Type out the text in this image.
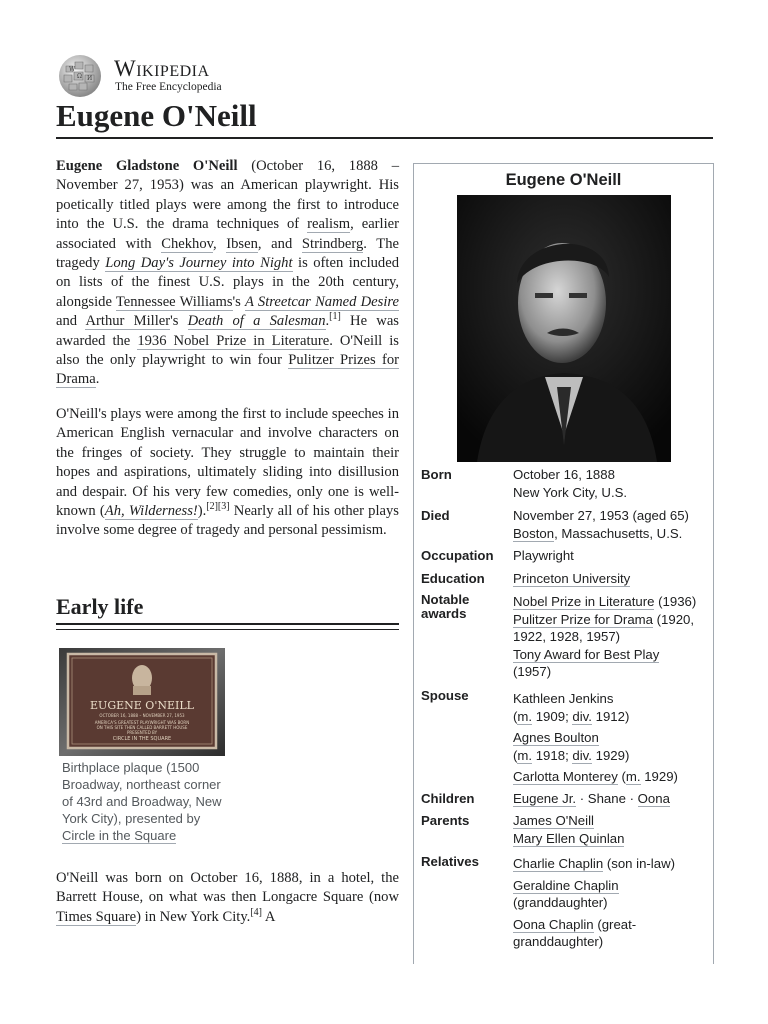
W
Ω И Wikipedia
The Free Encyclopedia
Eugene O'Neill

Eugene Gladstone O'Neill (October 16, 1888 – November 27, 1953) was an American playwright. His poetically titled plays were among the first to introduce into the U.S. the drama techniques of realism, earlier associated with Chekhov, Ibsen, and Strindberg. The tragedy Long Day's Journey into Night is often included on lists of the finest U.S. plays in the 20th century, alongside Tennessee Williams's A Streetcar Named Desire and Arthur Miller's Death of a Salesman.[1] He was awarded the 1936 Nobel Prize in Literature. O'Neill is also the only playwright to win four Pulitzer Prizes for Drama.

O'Neill's plays were among the first to include speeches in American English vernacular and involve characters on the fringes of society. They struggle to maintain their hopes and aspirations, ultimately sliding into disillusion and despair. Of his very few comedies, only one is well-known (Ah, Wilderness!).[2][3] Nearly all of his other plays involve some degree of tragedy and personal pessimism.

Early life
EUGENE O'NEILL
OCTOBER 16, 1888 – NOVEMBER 27, 1953
AMERICA'S GREATEST PLAYWRIGHT WAS BORN
ON THIS SITE THEN CALLED BARRETT HOUSE
PRESENTED BY
CIRCLE IN THE SQUARE
Birthplace plaque (1500 Broadway, northeast corner of 43rd and Broadway, New York City), presented by Circle in the Square

O'Neill was born on October 16, 1888, in a hotel, the Barrett House, on what was then Longacre Square (now Times Square) in New York City.[4] A

Eugene O'Neill
Born	October 16, 1888
New York City, U.S.
Died	November 27, 1953 (aged 65)
Boston, Massachusetts, U.S.
Occupation	Playwright
Education	Princeton University
Notable awards
Nobel Prize in Literature (1936)
Pulitzer Prize for Drama (1920, 1922, 1928, 1957)
Tony Award for Best Play
(1957)
Spouse	Kathleen Jenkins
(m. 1909; div. 1912)
Agnes Boulton
(m. 1918; div. 1929)
Carlotta Monterey (m. 1929)
Children	Eugene Jr. · Shane · Oona
Parents	James O'Neill
Mary Ellen Quinlan
Relatives	Charlie Chaplin (son in-law)
Geraldine Chaplin
(granddaughter)
Oona Chaplin (great-granddaughter)
